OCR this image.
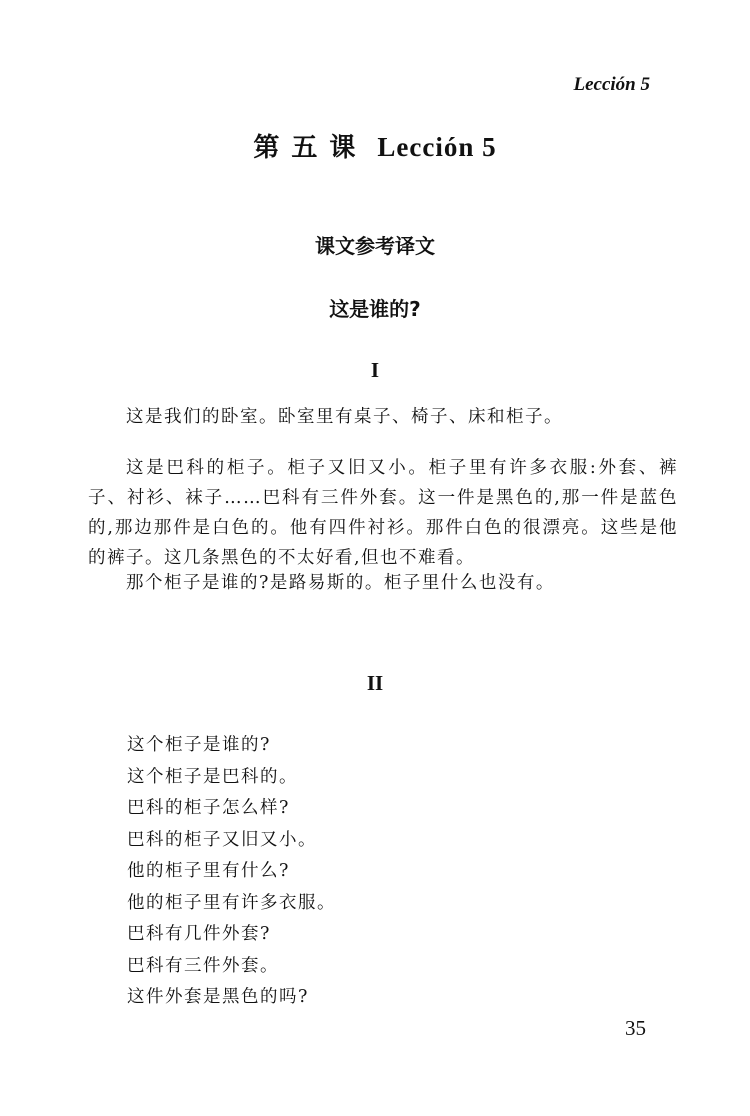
Lección 5
第五课 Lección 5
课文参考译文
这是谁的?
I

这是我们的卧室。卧室里有桌子、椅子、床和柜子。

这是巴科的柜子。柜子又旧又小。柜子里有许多衣服:外套、裤子、衬衫、袜子……巴科有三件外套。这一件是黑色的,那一件是蓝色的,那边那件是白色的。他有四件衬衫。那件白色的很漂亮。这些是他的裤子。这几条黑色的不太好看,但也不难看。

那个柜子是谁的?是路易斯的。柜子里什么也没有。

II
这个柜子是谁的?
这个柜子是巴科的。
巴科的柜子怎么样?
巴科的柜子又旧又小。
他的柜子里有什么?
他的柜子里有许多衣服。
巴科有几件外套?
巴科有三件外套。
这件外套是黑色的吗?
35
